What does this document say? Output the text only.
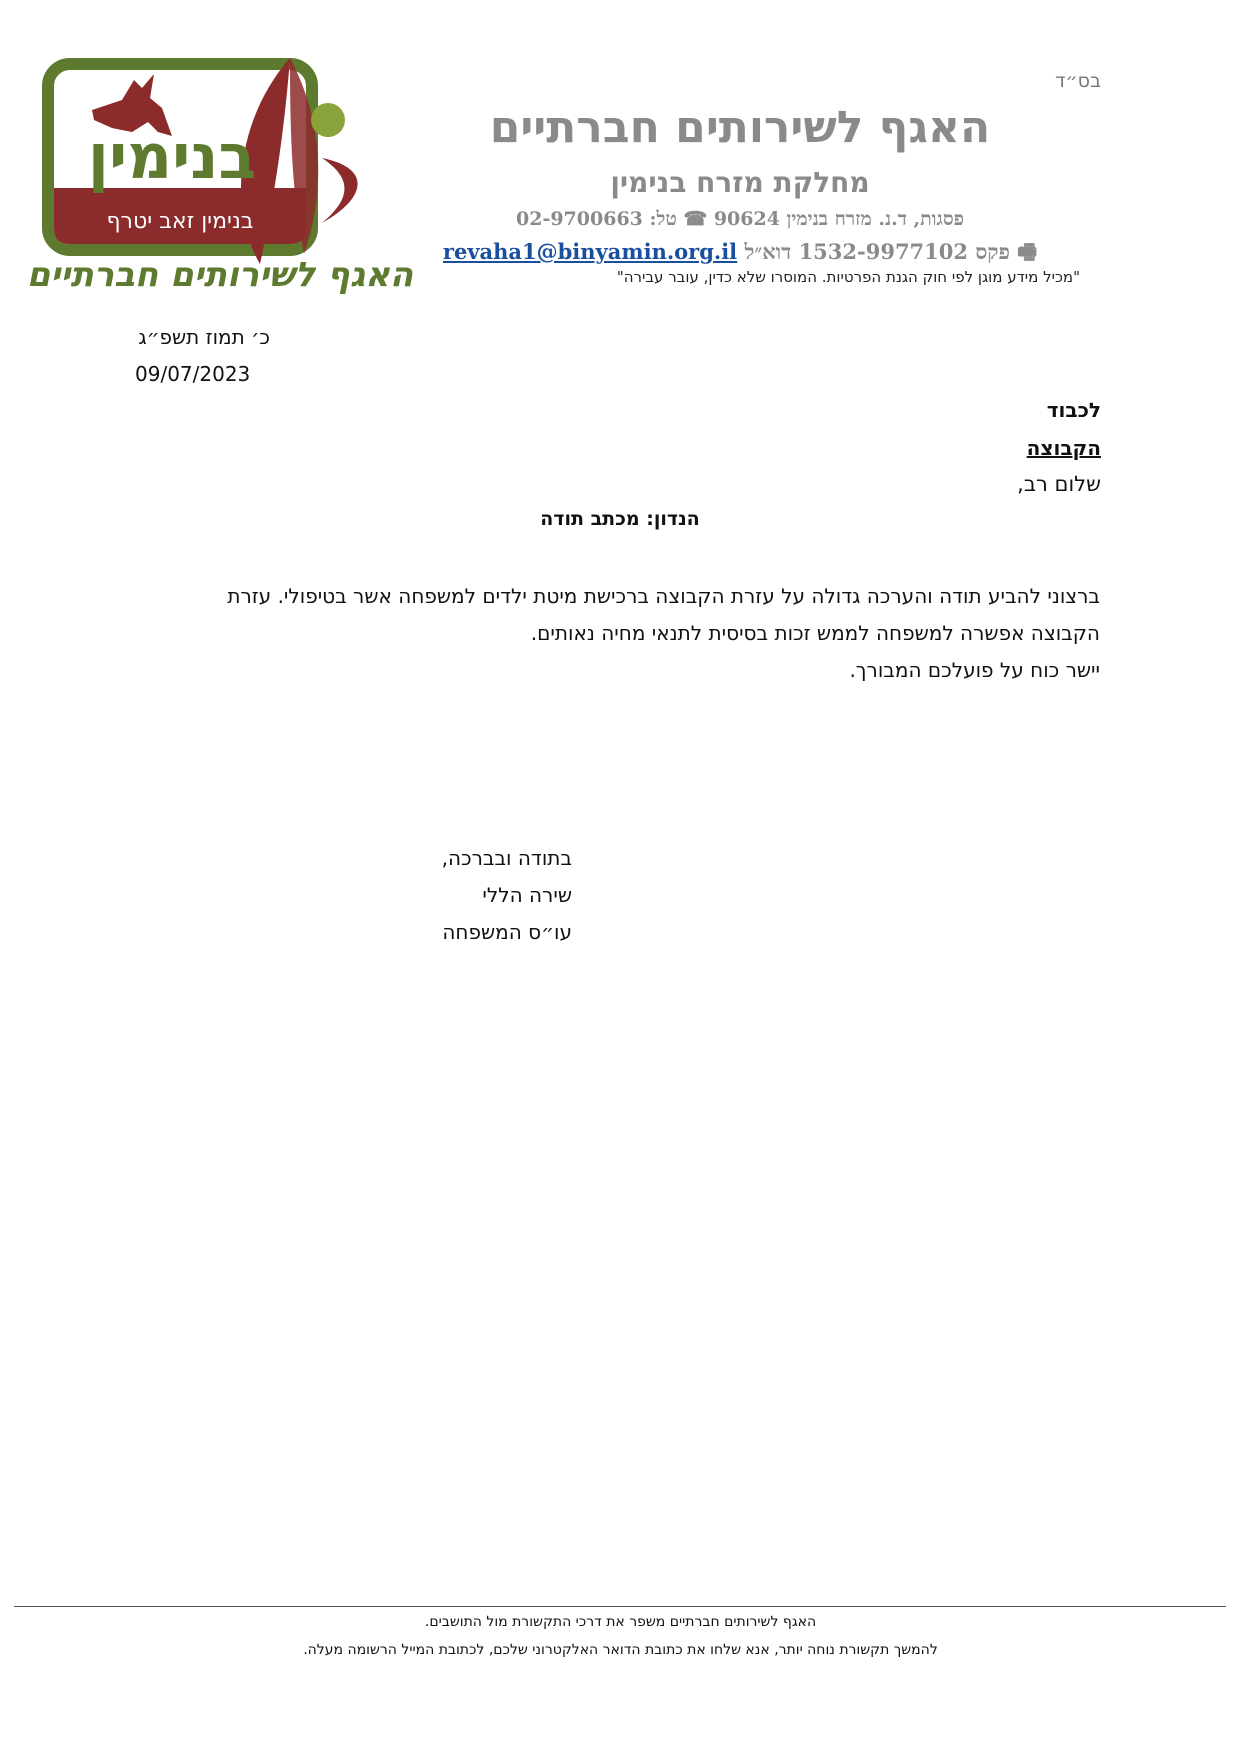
בנימין
בנימין זאב יטרף
האגף לשירותים חברתיים
בס״ד
האגף לשירותים חברתיים
מחלקת מזרח בנימין
פסגות, ד.נ. מזרח בנימין 90624 ☎ טל: 02-9700663
🖷 פקס 1532-9977102 דוא״ל revaha1@binyamin.org.il
"מכיל מידע מוגן לפי חוק הגנת הפרטיות. המוסרו שלא כדין, עובר עבירה"
כ׳ תמוז תשפ״ג
09/07/2023
לכבוד
הקבוצה
שלום רב,
הנדון: מכתב תודה
ברצוני להביע תודה והערכה גדולה על עזרת הקבוצה ברכישת מיטת ילדים למשפחה אשר בטיפולי. עזרת
הקבוצה אפשרה למשפחה לממש זכות בסיסית לתנאי מחיה נאותים.
יישר כוח על פועלכם המבורך.
בתודה ובברכה,
שירה הללי
עו״ס המשפחה
האגף לשירותים חברתיים משפר את דרכי התקשורת מול התושבים.
להמשך תקשורת נוחה יותר, אנא שלחו את כתובת הדואר האלקטרוני שלכם, לכתובת המייל הרשומה מעלה.
